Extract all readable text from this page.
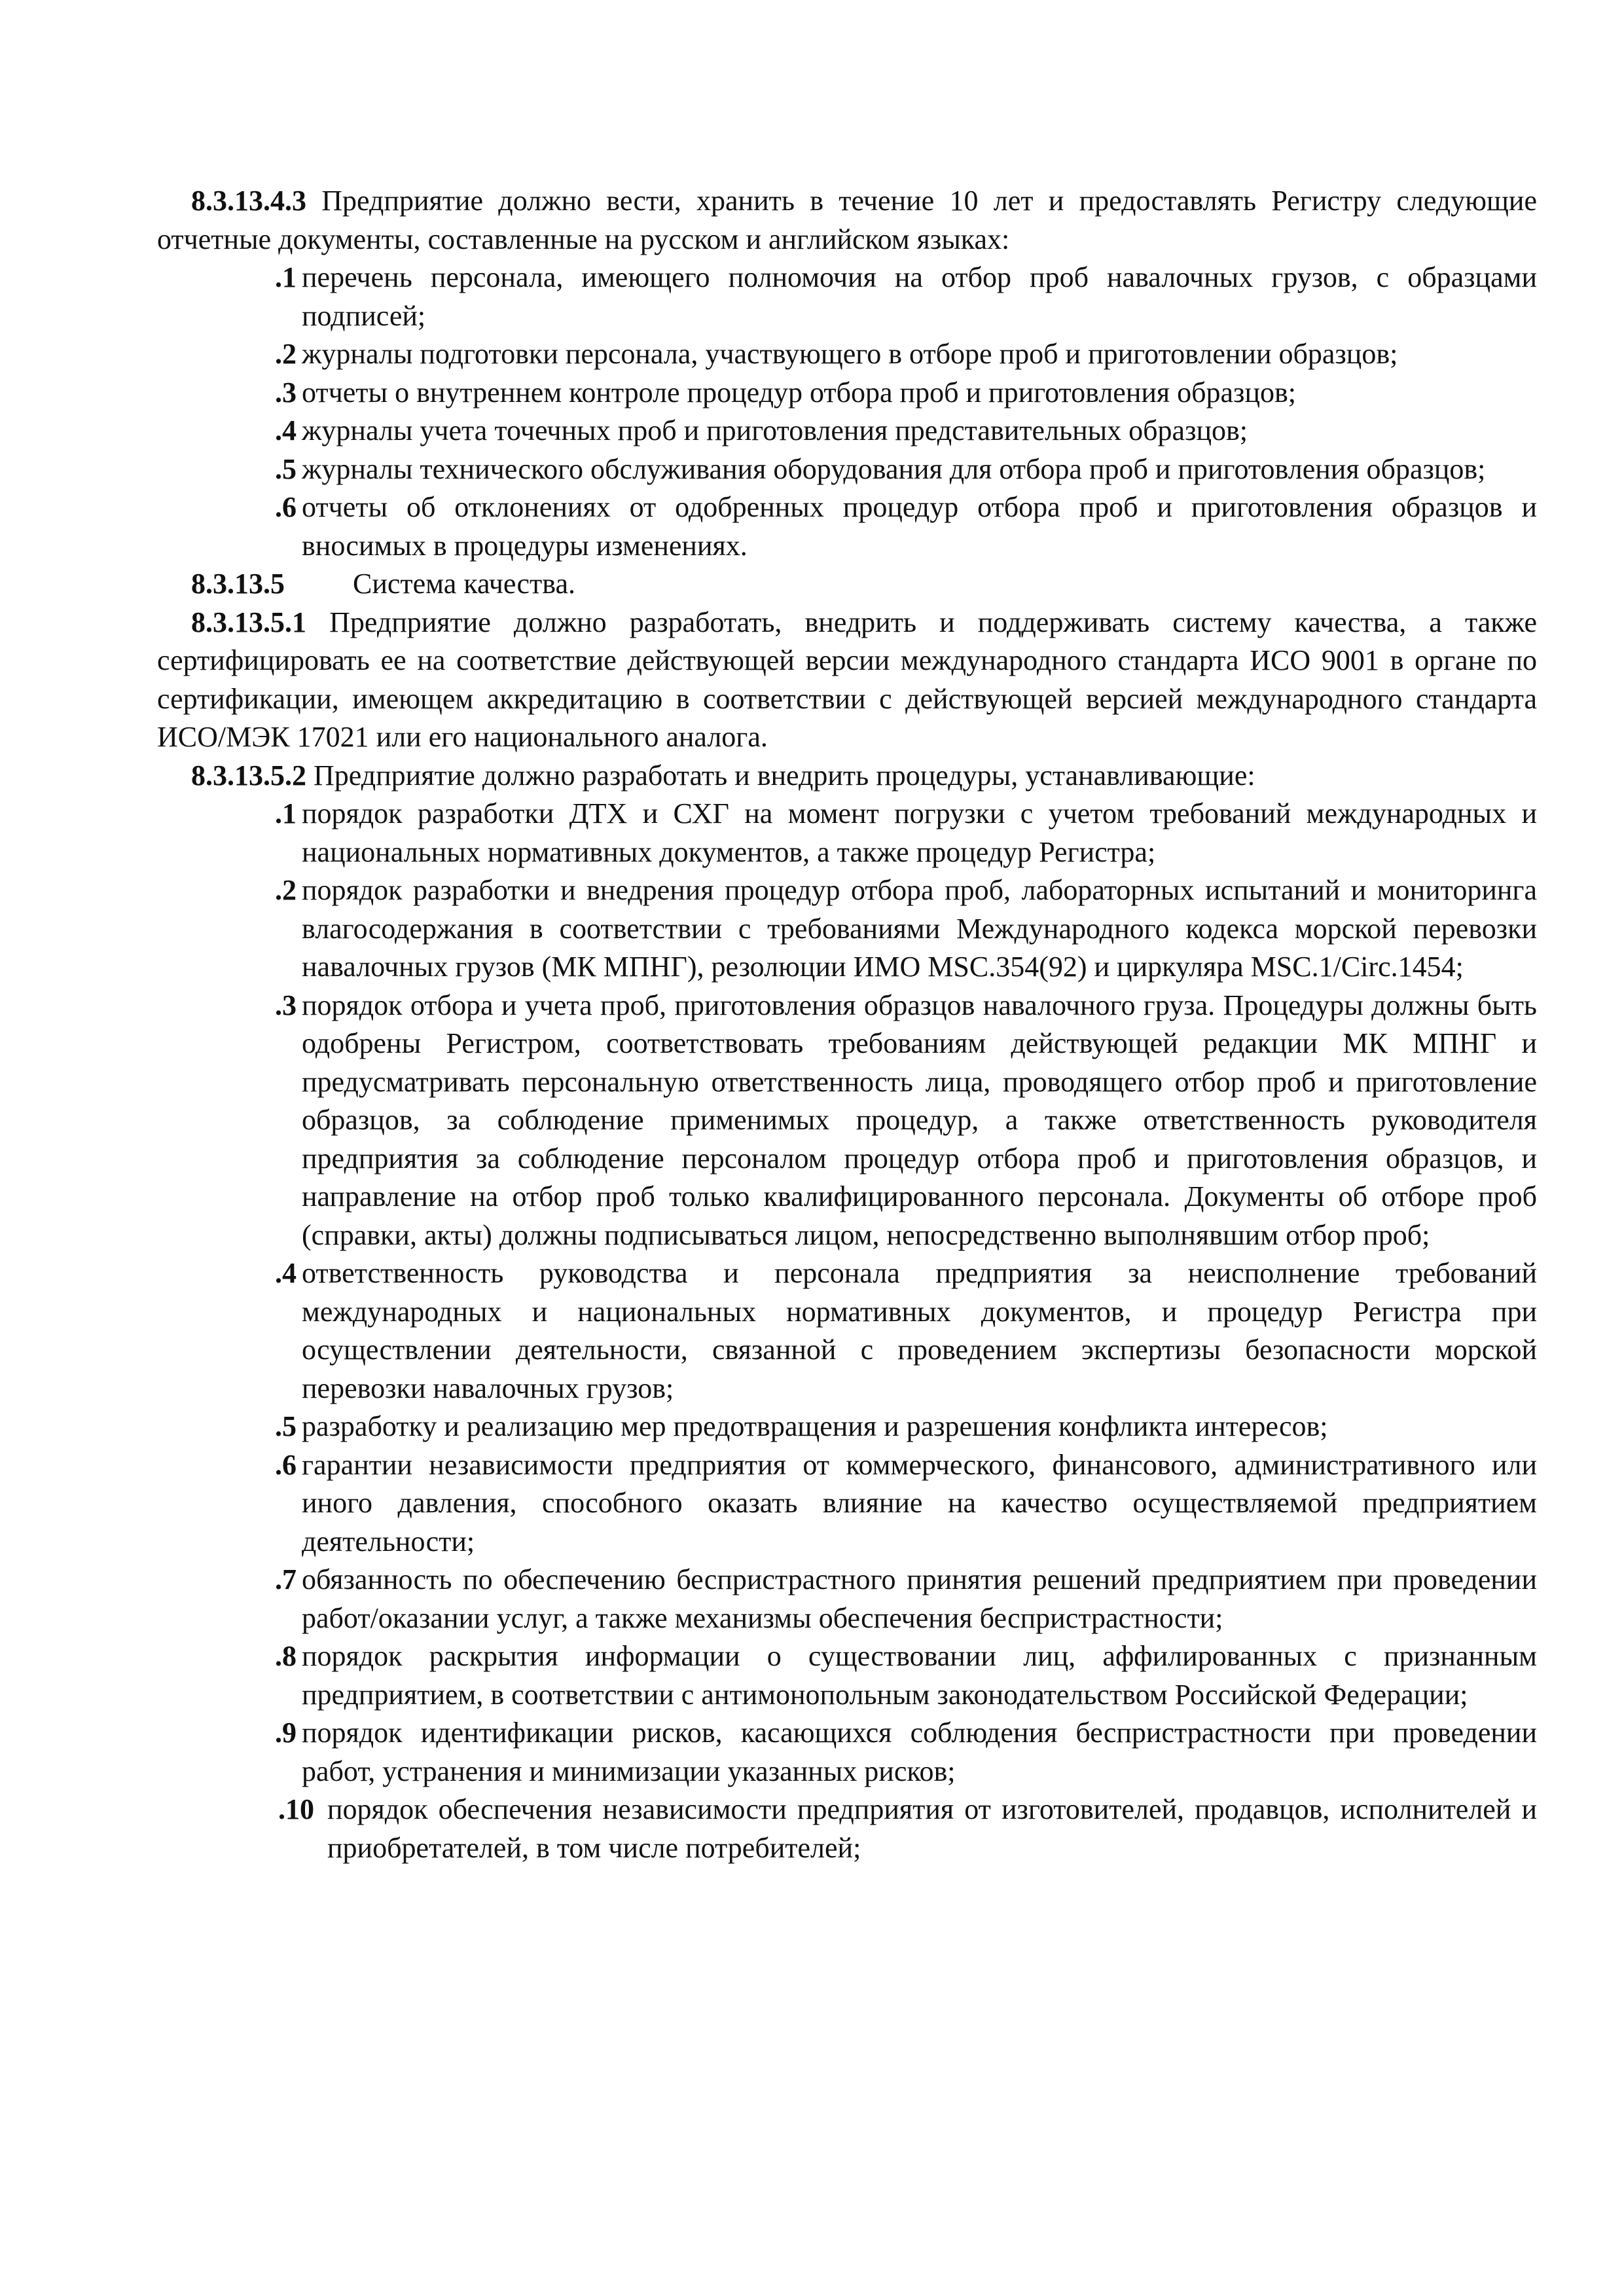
8.3.13.4.3 Предприятие должно вести, хранить в течение 10 лет и предоставлять Регистру следующие отчетные документы, составленные на русском и английском языках:

.1 перечень персонала, имеющего полномочия на отбор проб навалочных грузов, с образцами подписей;

.2 журналы подготовки персонала, участвующего в отборе проб и приготовлении образцов;

.3 отчеты о внутреннем контроле процедур отбора проб и приготовления образцов;

.4 журналы учета точечных проб и приготовления представительных образцов;

.5 журналы технического обслуживания оборудования для отбора проб и приготовления образцов;

.6 отчеты об отклонениях от одобренных процедур отбора проб и приготовления образцов и вносимых в процедуры изменениях.

8.3.13.5 Система качества.

8.3.13.5.1 Предприятие должно разработать, внедрить и поддерживать систему качества, а также сертифицировать ее на соответствие действующей версии международного стандарта ИСО 9001 в органе по сертификации, имеющем аккредитацию в соответствии с действующей версией международного стандарта ИСО/МЭК 17021 или его национального аналога.

8.3.13.5.2 Предприятие должно разработать и внедрить процедуры, устанавливающие:

.1 порядок разработки ДТХ и СХГ на момент погрузки с учетом требований международных и национальных нормативных документов, а также процедур Регистра;

.2 порядок разработки и внедрения процедур отбора проб, лабораторных испытаний и мониторинга влагосодержания в соответствии с требованиями Международного кодекса морской перевозки навалочных грузов (МК МПНГ), резолюции ИМО MSC.354(92) и циркуляра MSC.1/Circ.1454;

.3 порядок отбора и учета проб, приготовления образцов навалочного груза. Процедуры должны быть одобрены Регистром, соответствовать требованиям действующей редакции МК МПНГ и предусматривать персональную ответственность лица, проводящего отбор проб и приготовление образцов, за соблюдение применимых процедур, а также ответственность руководителя предприятия за соблюдение персоналом процедур отбора проб и приготовления образцов, и направление на отбор проб только квалифицированного персонала. Документы об отборе проб (справки, акты) должны подписываться лицом, непосредственно выполнявшим отбор проб;

.4 ответственность руководства и персонала предприятия за неисполнение требований международных и национальных нормативных документов, и процедур Регистра при осуществлении деятельности, связанной с проведением экспертизы безопасности морской перевозки навалочных грузов;

.5 разработку и реализацию мер предотвращения и разрешения конфликта интересов;

.6 гарантии независимости предприятия от коммерческого, финансового, административного или иного давления, способного оказать влияние на качество осуществляемой предприятием деятельности;

.7 обязанность по обеспечению беспристрастного принятия решений предприятием при проведении работ/оказании услуг, а также механизмы обеспечения беспристрастности;

.8 порядок раскрытия информации о существовании лиц, аффилированных с признанным предприятием, в соответствии с антимонопольным законодательством Российской Федерации;

.9 порядок идентификации рисков, касающихся соблюдения беспристрастности при проведении работ, устранения и минимизации указанных рисков;

.10 порядок обеспечения независимости предприятия от изготовителей, продавцов, исполнителей и приобретателей, в том числе потребителей;
